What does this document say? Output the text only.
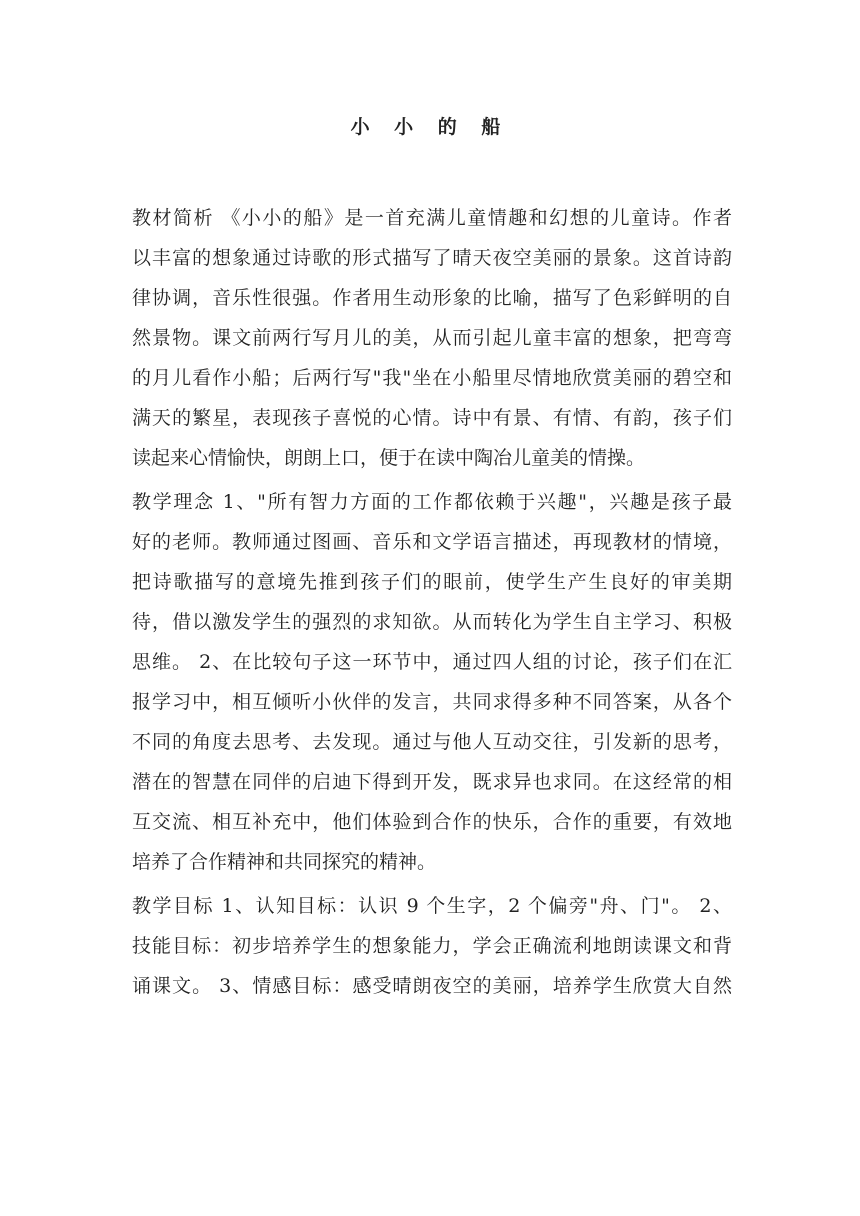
小 小 的 船
教材简析 《小小的船》是一首充满儿童情趣和幻想的儿童诗。作者
以丰富的想象通过诗歌的形式描写了晴天夜空美丽的景象。这首诗韵
律协调，音乐性很强。作者用生动形象的比喻，描写了色彩鲜明的自
然景物。课文前两行写月儿的美，从而引起儿童丰富的想象，把弯弯
的月儿看作小船；后两行写"我"坐在小船里尽情地欣赏美丽的碧空和
满天的繁星，表现孩子喜悦的心情。诗中有景、有情、有韵，孩子们
读起来心情愉快，朗朗上口，便于在读中陶冶儿童美的情操。
教学理念 1、"所有智力方面的工作都依赖于兴趣"，兴趣是孩子最
好的老师。教师通过图画、音乐和文学语言描述，再现教材的情境，
把诗歌描写的意境先推到孩子们的眼前，使学生产生良好的审美期
待，借以激发学生的强烈的求知欲。从而转化为学生自主学习、积极
思维。 2、在比较句子这一环节中，通过四人组的讨论，孩子们在汇
报学习中，相互倾听小伙伴的发言，共同求得多种不同答案，从各个
不同的角度去思考、去发现。通过与他人互动交往，引发新的思考，
潜在的智慧在同伴的启迪下得到开发，既求异也求同。在这经常的相
互交流、相互补充中，他们体验到合作的快乐，合作的重要，有效地
培养了合作精神和共同探究的精神。
教学目标 1、认知目标：认识 9 个生字，2 个偏旁"舟、门"。 2、
技能目标：初步培养学生的想象能力，学会正确流利地朗读课文和背
诵课文。 3、情感目标：感受晴朗夜空的美丽，培养学生欣赏大自然
